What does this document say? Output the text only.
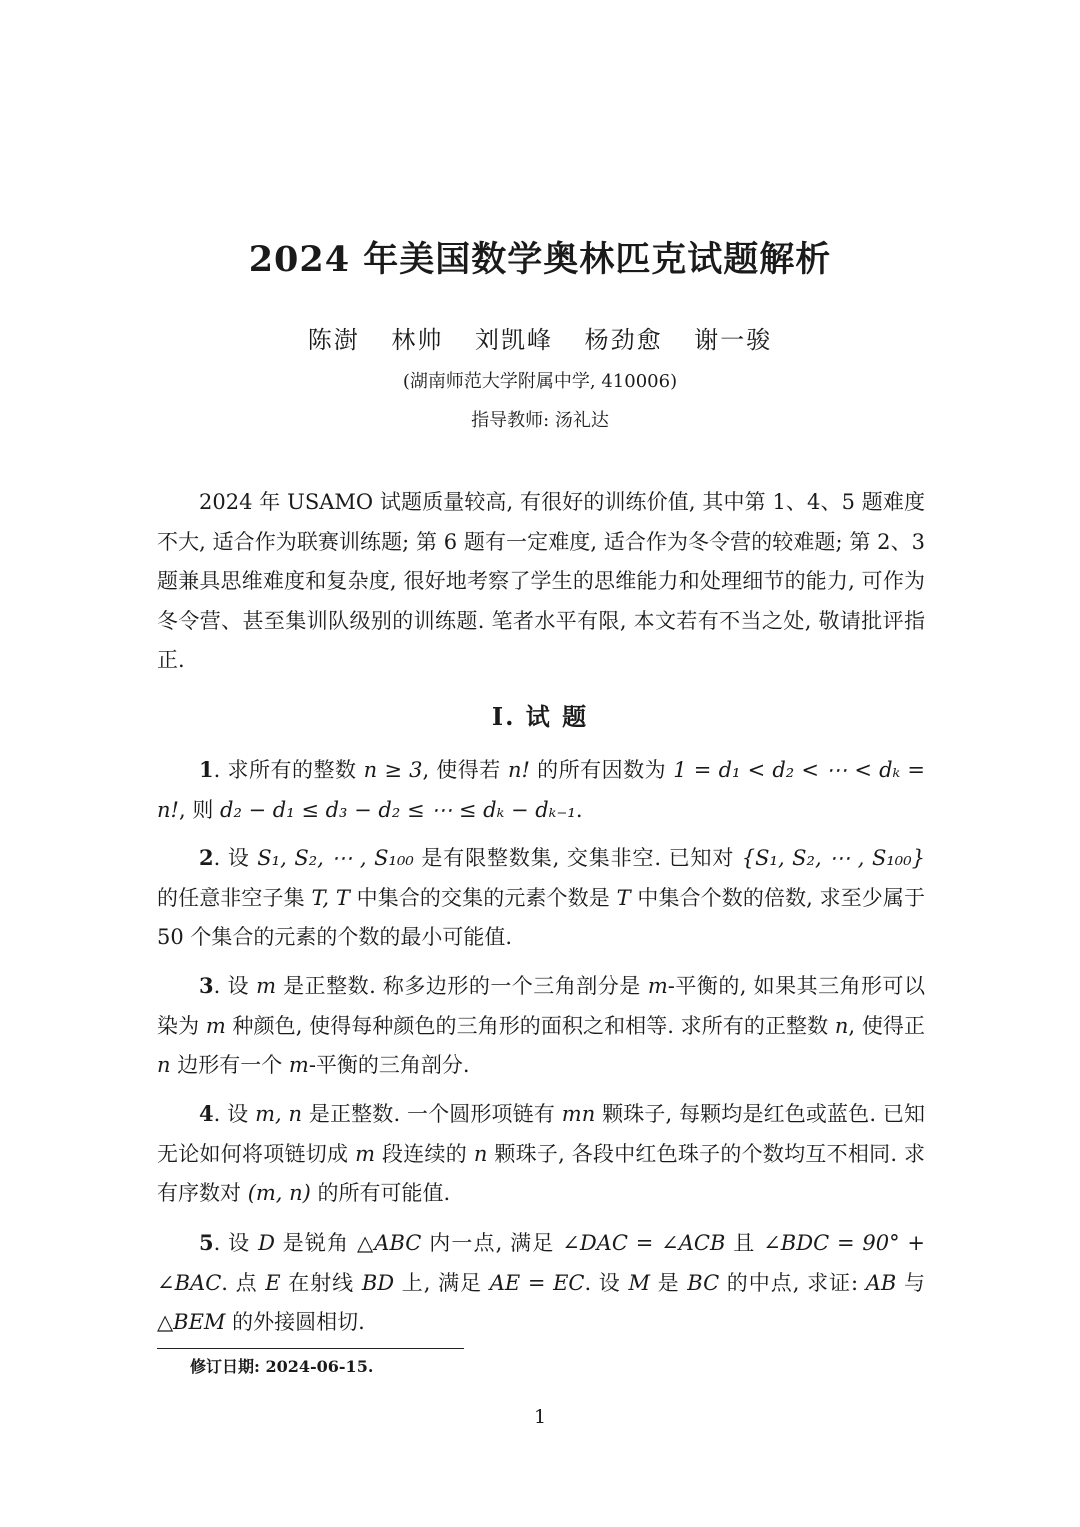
2024 年美国数学奥林匹克试题解析
陈澍 林帅 刘凯峰 杨劲愈 谢一骏
(湖南师范大学附属中学, 410006)
指导教师: 汤礼达

2024 年 USAMO 试题质量较高, 有很好的训练价值, 其中第 1、4、5 题难度不大, 适合作为联赛训练题; 第 6 题有一定难度, 适合作为冬令营的较难题; 第 2、3 题兼具思维难度和复杂度, 很好地考察了学生的思维能力和处理细节的能力, 可作为冬令营、甚至集训队级别的训练题. 笔者水平有限, 本文若有不当之处, 敬请批评指正.

I. 试 题

1. 求所有的整数 n ≥ 3, 使得若 n! 的所有因数为 1 = d₁ < d₂ < ⋯ < dₖ = n!, 则 d₂ − d₁ ≤ d₃ − d₂ ≤ ⋯ ≤ dₖ − dₖ₋₁.

2. 设 S₁, S₂, ⋯ , S₁₀₀ 是有限整数集, 交集非空. 已知对 {S₁, S₂, ⋯ , S₁₀₀} 的任意非空子集 T, T 中集合的交集的元素个数是 T 中集合个数的倍数, 求至少属于 50 个集合的元素的个数的最小可能值.

3. 设 m 是正整数. 称多边形的一个三角剖分是 m-平衡的, 如果其三角形可以染为 m 种颜色, 使得每种颜色的三角形的面积之和相等. 求所有的正整数 n, 使得正 n 边形有一个 m-平衡的三角剖分.

4. 设 m, n 是正整数. 一个圆形项链有 mn 颗珠子, 每颗均是红色或蓝色. 已知无论如何将项链切成 m 段连续的 n 颗珠子, 各段中红色珠子的个数均互不相同. 求有序数对 (m, n) 的所有可能值.

5. 设 D 是锐角 △ABC 内一点, 满足 ∠DAC = ∠ACB 且 ∠BDC = 90° + ∠BAC. 点 E 在射线 BD 上, 满足 AE = EC. 设 M 是 BC 的中点, 求证: AB 与 △BEM 的外接圆相切.

修订日期: 2024-06-15.
1
